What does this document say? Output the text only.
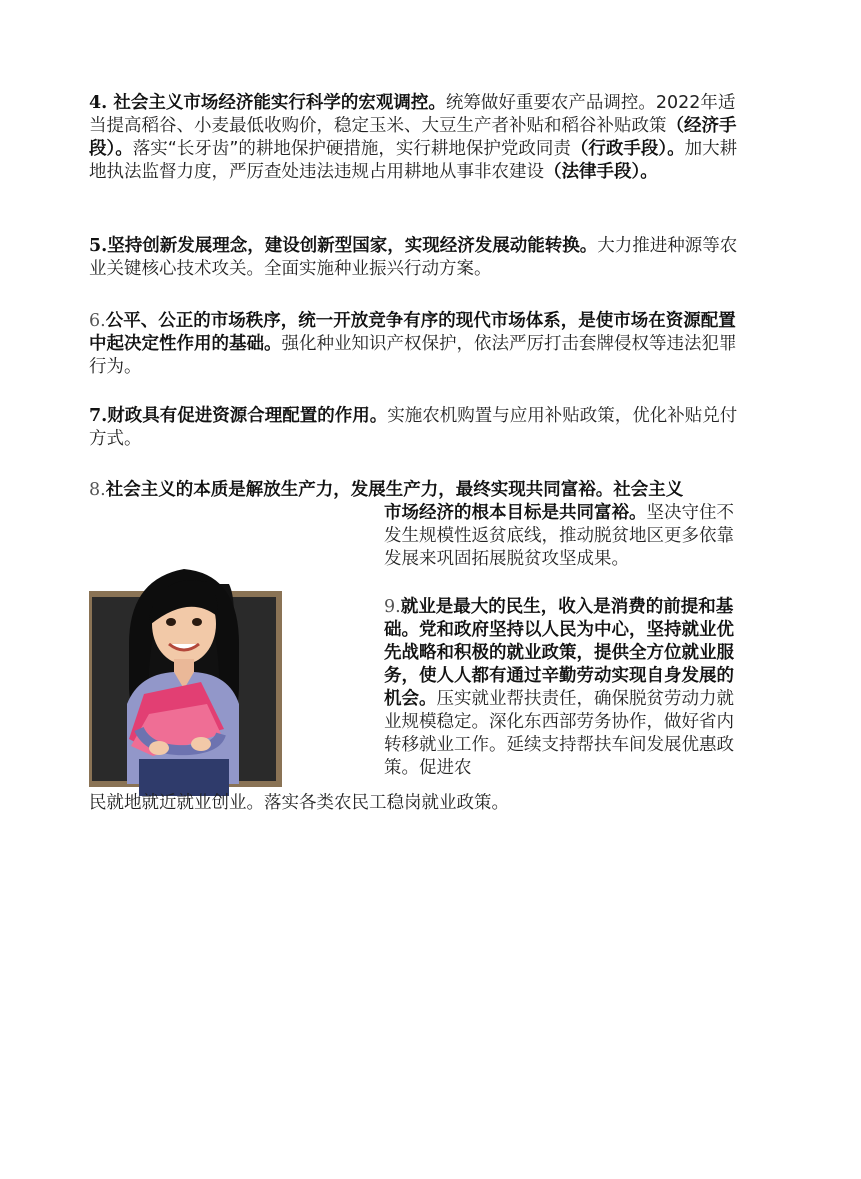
4. 社会主义市场经济能实行科学的宏观调控。统筹做好重要农产品调控。2022年适当提高稻谷、小麦最低收购价，稳定玉米、大豆生产者补贴和稻谷补贴政策（经济手段）。落实“长牙齿”的耕地保护硬措施，实行耕地保护党政同责（行政手段）。加大耕地执法监督力度，严厉查处违法违规占用耕地从事非农建设（法律手段）。

5.坚持创新发展理念，建设创新型国家，实现经济发展动能转换。大力推进种源等农业关键核心技术攻关。全面实施种业振兴行动方案。

6.公平、公正的市场秩序，统一开放竞争有序的现代市场体系，是使市场在资源配置中起决定性作用的基础。强化种业知识产权保护，依法严厉打击套牌侵权等违法犯罪行为。

7.财政具有促进资源合理配置的作用。实施农机购置与应用补贴政策，优化补贴兑付方式。

8.社会主义的本质是解放生产力，发展生产力，最终实现共同富裕。社会主义

市场经济的根本目标是共同富裕。坚决守住不发生规模性返贫底线，推动脱贫地区更多依靠发展来巩固拓展脱贫攻坚成果。

9.就业是最大的民生，收入是消费的前提和基础。党和政府坚持以人民为中心，坚持就业优先战略和积极的就业政策，提供全方位就业服务，使人人都有通过辛勤劳动实现自身发展的机会。压实就业帮扶责任，确保脱贫劳动力就业规模稳定。深化东西部劳务协作，做好省内转移就业工作。延续支持帮扶车间发展优惠政策。促进农

民就地就近就业创业。落实各类农民工稳岗就业政策。
